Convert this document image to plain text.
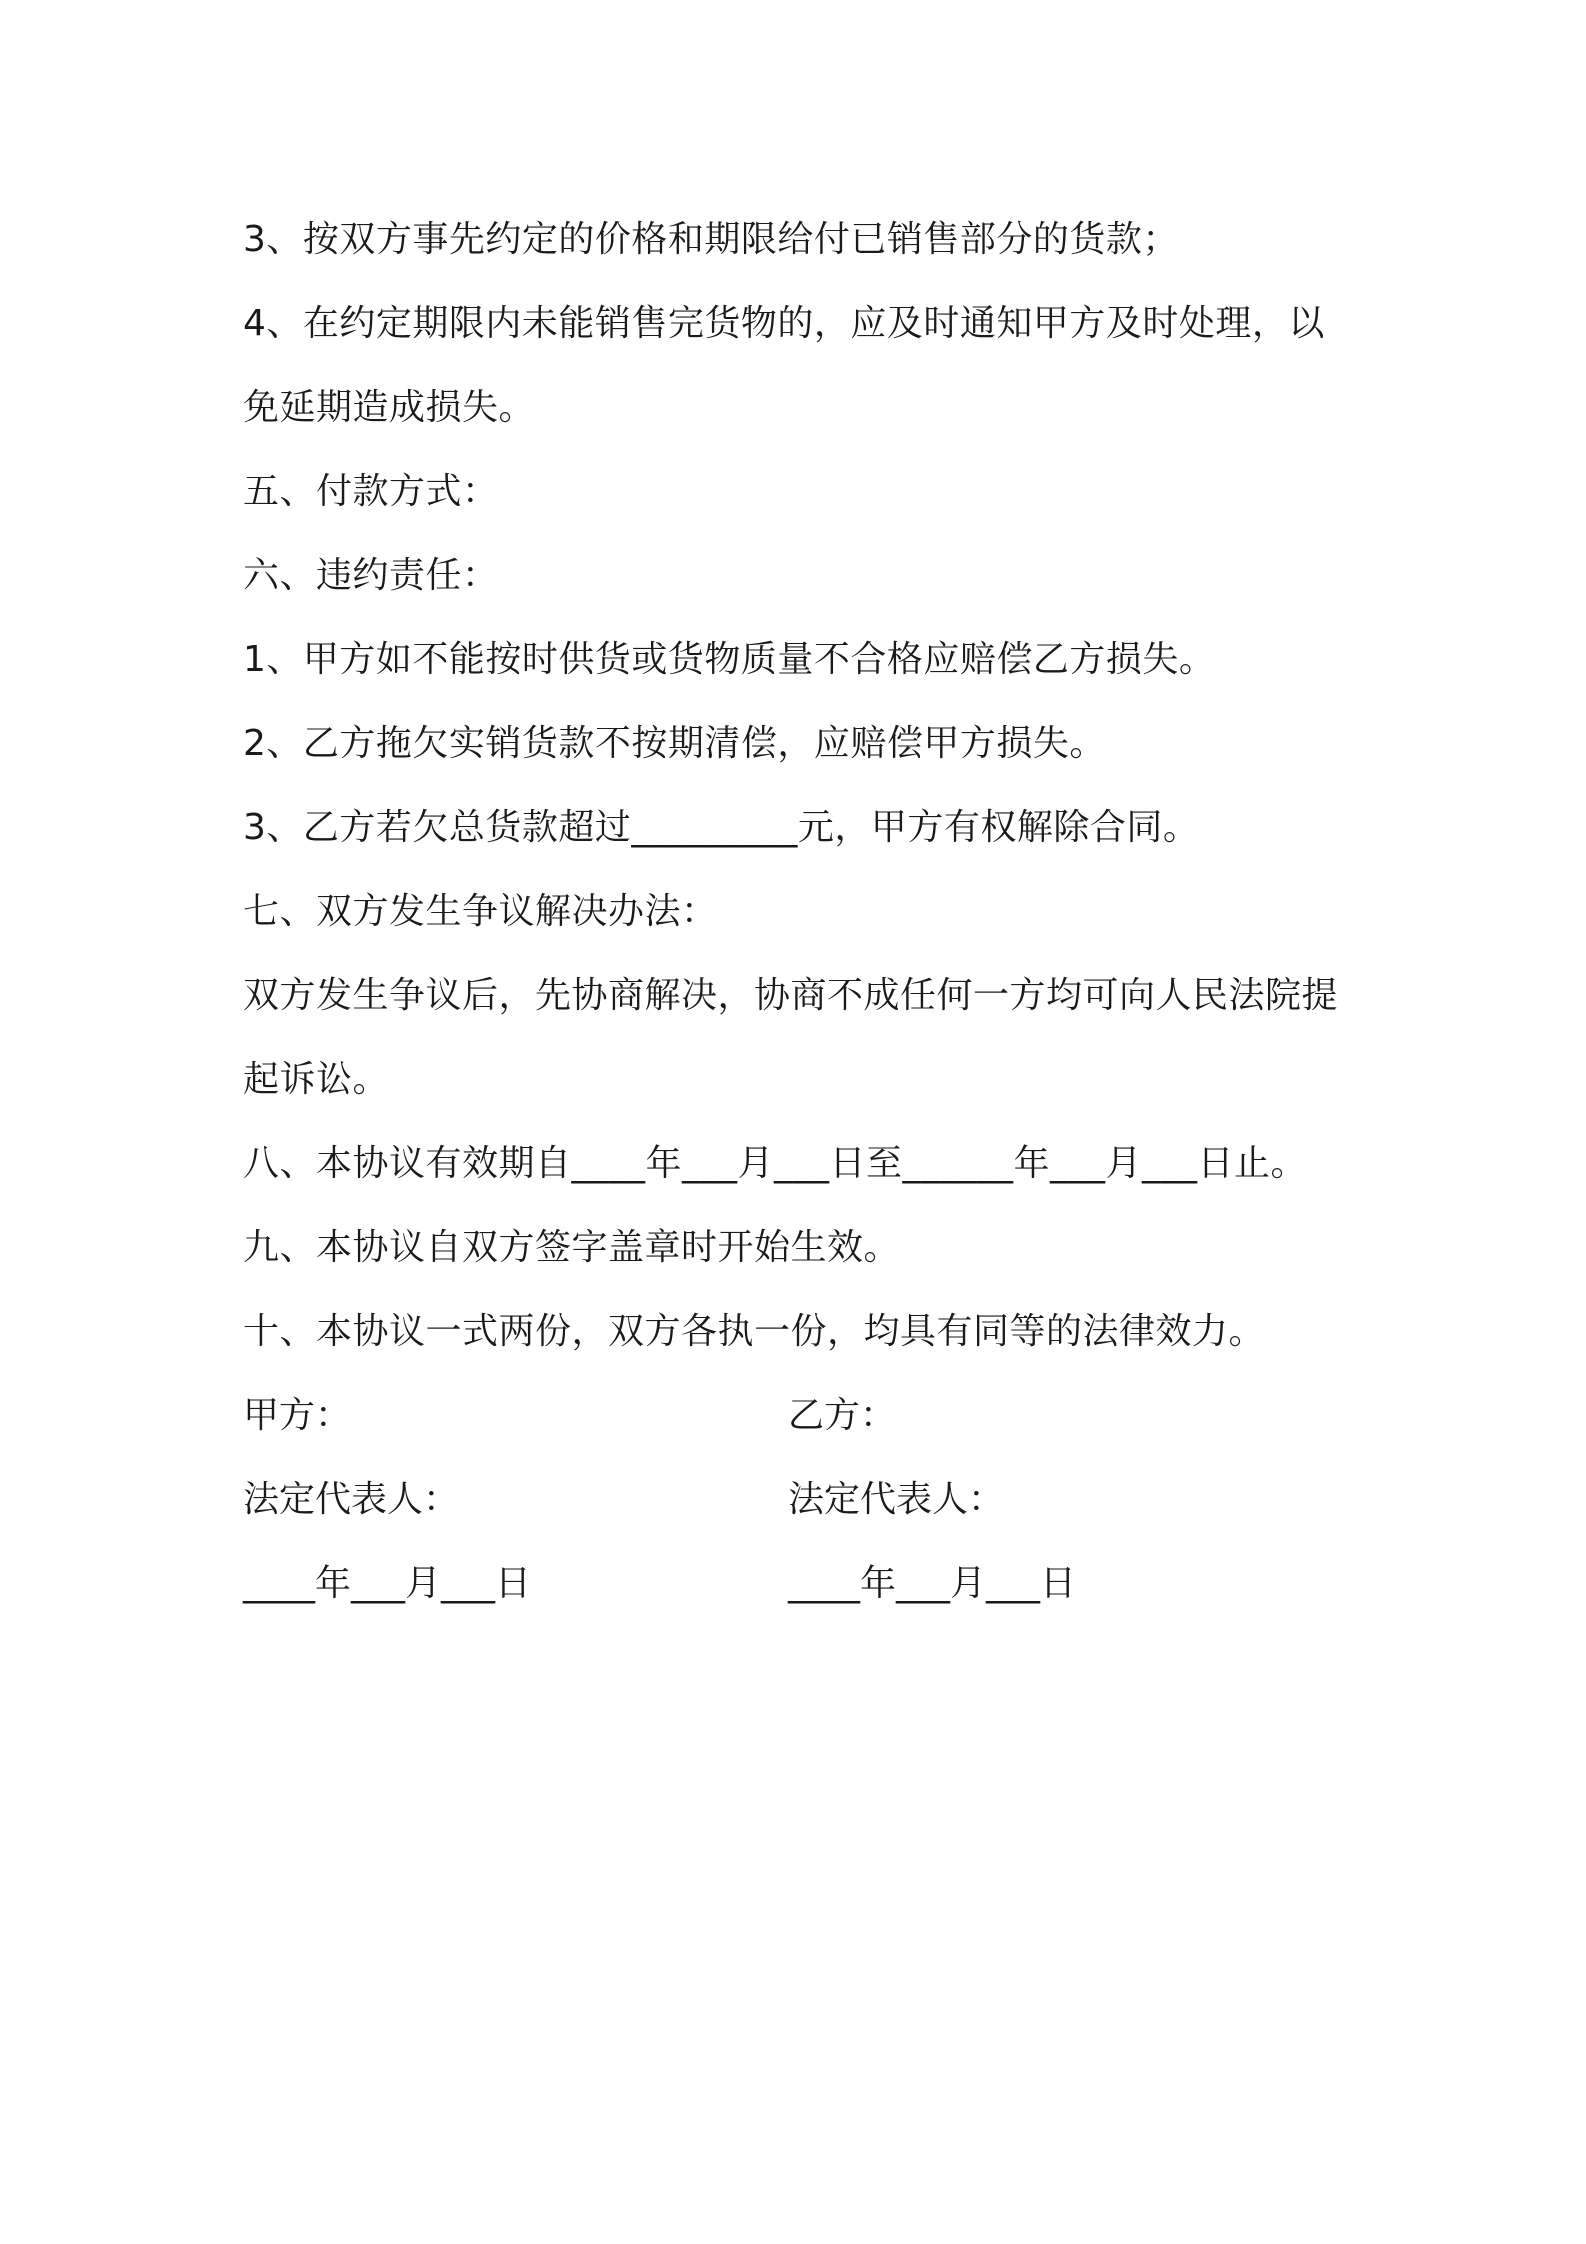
3、按双方事先约定的价格和期限给付已销售部分的货款；
4、在约定期限内未能销售完货物的，应及时通知甲方及时处理，以
免延期造成损失。
五、付款方式：
六、违约责任：
1、甲方如不能按时供货或货物质量不合格应赔偿乙方损失。
2、乙方拖欠实销货款不按期清偿，应赔偿甲方损失。
3、乙方若欠总货款超过_________元，甲方有权解除合同。
七、双方发生争议解决办法：
双方发生争议后，先协商解决，协商不成任何一方均可向人民法院提
起诉讼。
八、本协议有效期自____年___月___日至______年___月___日止。
九、本协议自双方签字盖章时开始生效。
十、本协议一式两份，双方各执一份，均具有同等的法律效力。
甲方：	乙方：
法定代表人：	法定代表人：
____年___月___日	____年___月___日
